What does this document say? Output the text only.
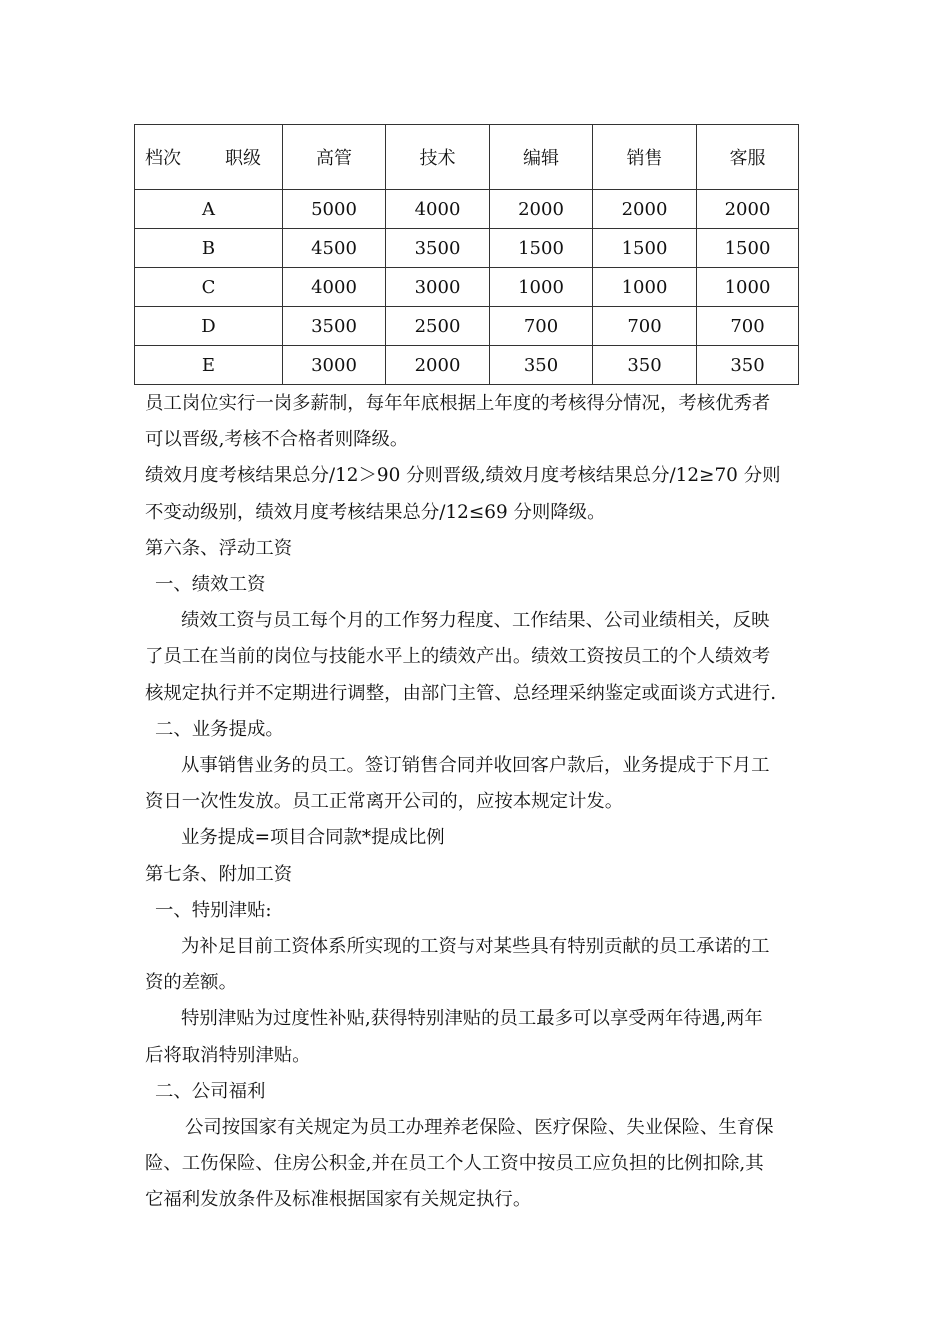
档次 职级	高管	技术	编辑	销售	客服
A	5000	4000	2000	2000	2000
B	4500	3500	1500	1500	1500
C	4000	3000	1000	1000	1000
D	3500	2500	700	700	700
E	3000	2000	350	350	350

员工岗位实行一岗多薪制，每年年底根据上年度的考核得分情况，考核优秀者

可以晋级,考核不合格者则降级。

绩效月度考核结果总分/12＞90 分则晋级,绩效月度考核结果总分/12≥70 分则

不变动级别，绩效月度考核结果总分/12≤69 分则降级。

第六条、浮动工资

一、绩效工资

绩效工资与员工每个月的工作努力程度、工作结果、公司业绩相关，反映

了员工在当前的岗位与技能水平上的绩效产出。绩效工资按员工的个人绩效考

核规定执行并不定期进行调整，由部门主管、总经理采纳鉴定或面谈方式进行.

二、业务提成。

从事销售业务的员工。签订销售合同并收回客户款后，业务提成于下月工

资日一次性发放。员工正常离开公司的，应按本规定计发。

业务提成=项目合同款*提成比例

第七条、附加工资

一、特别津贴:

为补足目前工资体系所实现的工资与对某些具有特别贡献的员工承诺的工

资的差额。

特别津贴为过度性补贴,获得特别津贴的员工最多可以享受两年待遇,两年

后将取消特别津贴。

二、公司福利

公司按国家有关规定为员工办理养老保险、医疗保险、失业保险、生育保

险、工伤保险、住房公积金,并在员工个人工资中按员工应负担的比例扣除,其

它福利发放条件及标准根据国家有关规定执行。
